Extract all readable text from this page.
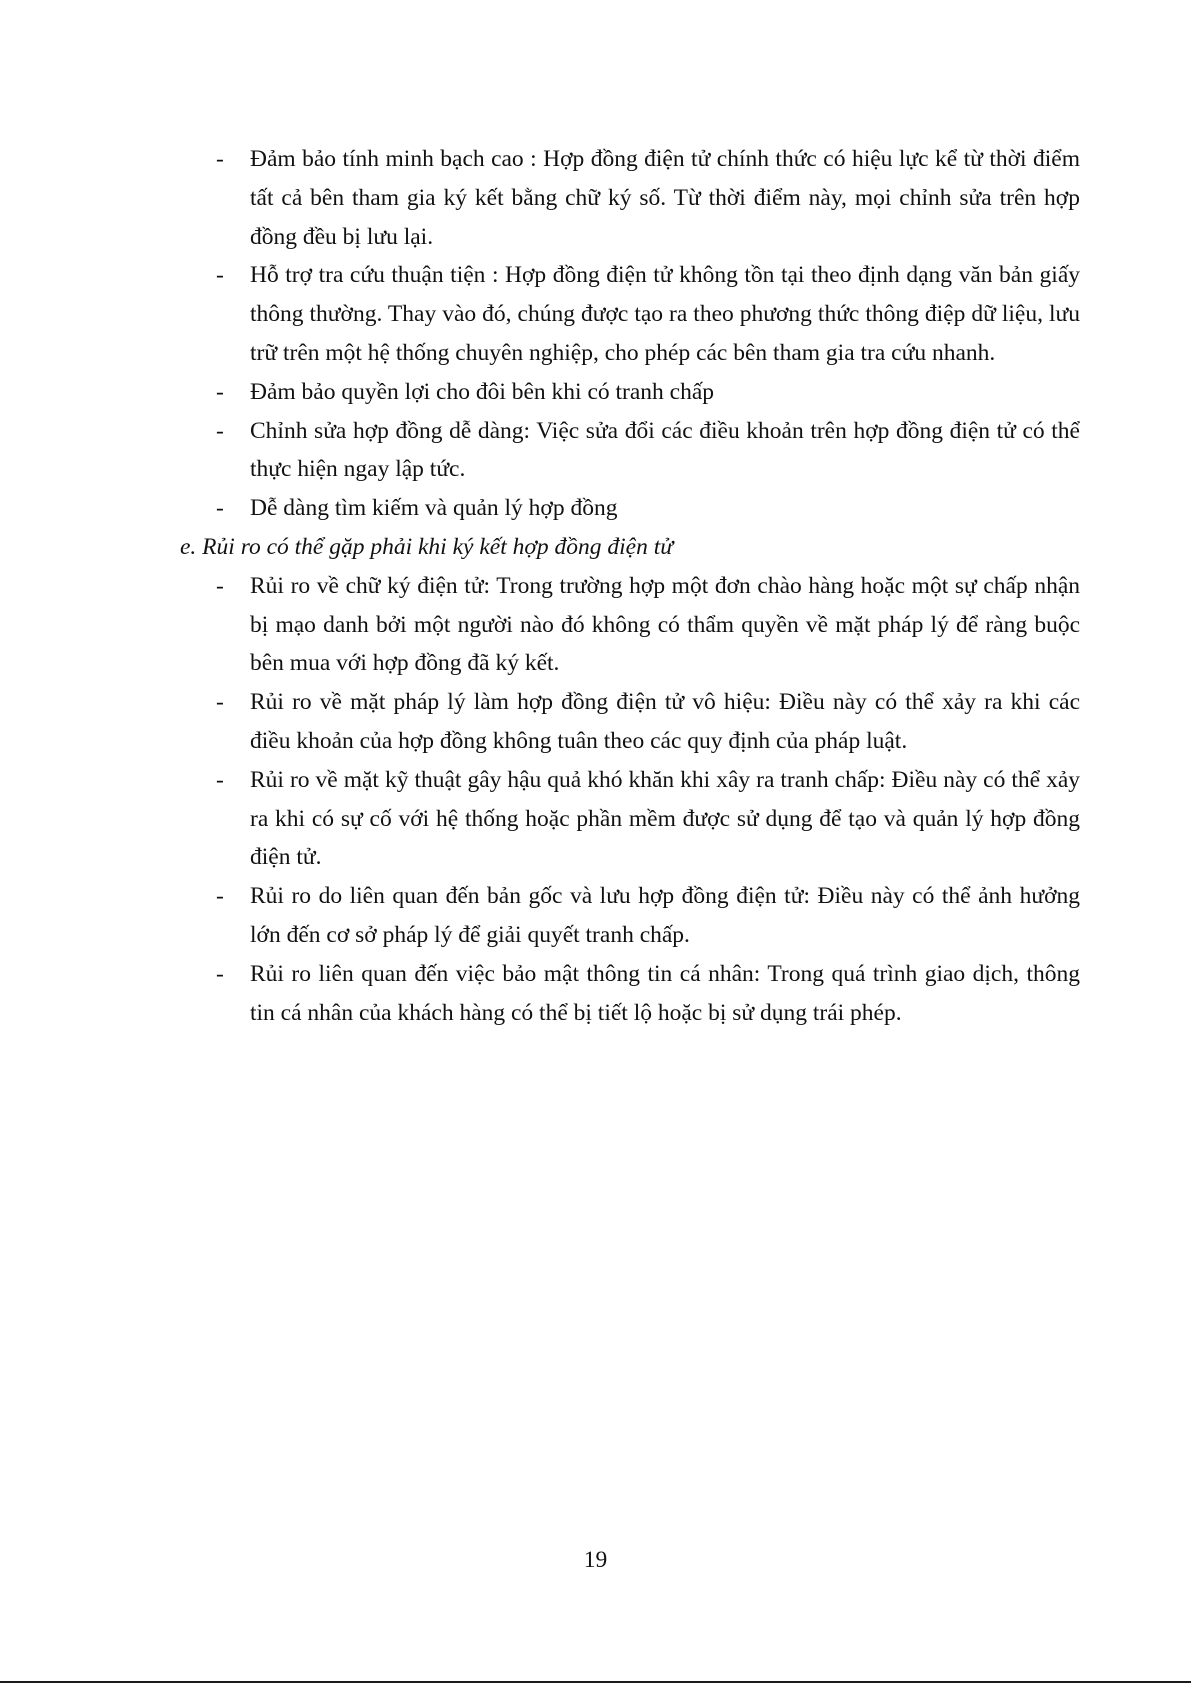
-	Đảm bảo tính minh bạch cao : Hợp đồng điện tử chính thức có hiệu lực kể từ thời điểm tất cả bên tham gia ký kết bằng chữ ký số. Từ thời điểm này, mọi chỉnh sửa trên hợp đồng đều bị lưu lại.
-	Hỗ trợ tra cứu thuận tiện : Hợp đồng điện tử không tồn tại theo định dạng văn bản giấy thông thường. Thay vào đó, chúng được tạo ra theo phương thức thông điệp dữ liệu, lưu trữ trên một hệ thống chuyên nghiệp, cho phép các bên tham gia tra cứu nhanh.
-	Đảm bảo quyền lợi cho đôi bên khi có tranh chấp
-	Chỉnh sửa hợp đồng dễ dàng: Việc sửa đổi các điều khoản trên hợp đồng điện tử có thể thực hiện ngay lập tức.
-	Dễ dàng tìm kiếm và quản lý hợp đồng

e. Rủi ro có thể gặp phải khi ký kết hợp đồng điện tử

-	Rủi ro về chữ ký điện tử: Trong trường hợp một đơn chào hàng hoặc một sự chấp nhận bị mạo danh bởi một người nào đó không có thẩm quyền về mặt pháp lý để ràng buộc bên mua với hợp đồng đã ký kết.
-	Rủi ro về mặt pháp lý làm hợp đồng điện tử vô hiệu: Điều này có thể xảy ra khi các điều khoản của hợp đồng không tuân theo các quy định của pháp luật.
-	Rủi ro về mặt kỹ thuật gây hậu quả khó khăn khi xây ra tranh chấp: Điều này có thể xảy ra khi có sự cố với hệ thống hoặc phần mềm được sử dụng để tạo và quản lý hợp đồng điện tử.
-	Rủi ro do liên quan đến bản gốc và lưu hợp đồng điện tử: Điều này có thể ảnh hưởng lớn đến cơ sở pháp lý để giải quyết tranh chấp.
-	Rủi ro liên quan đến việc bảo mật thông tin cá nhân: Trong quá trình giao dịch, thông tin cá nhân của khách hàng có thể bị tiết lộ hoặc bị sử dụng trái phép.
19
